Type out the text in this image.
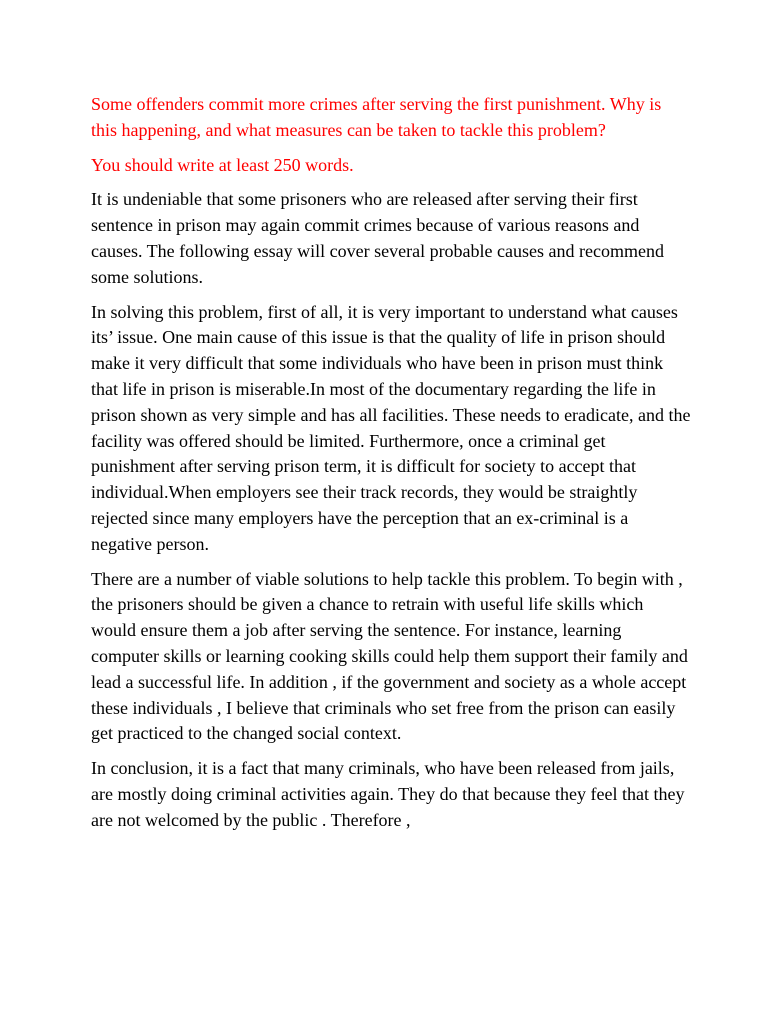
Some offenders commit more crimes after serving the first punishment. Why is this happening, and what measures can be taken to tackle this problem?

You should write at least 250 words.

It is undeniable that some prisoners who are released after serving their first sentence in prison may again commit crimes because of various reasons and causes. The following essay will cover several probable causes and recommend some solutions.

In solving this problem, first of all, it is very important to understand what causes its’ issue. One main cause of this issue is that the quality of life in prison should make it very difficult that some individuals who have been in prison must think that life in prison is miserable.In most of the documentary regarding the life in prison shown as very simple and has all facilities. These needs to eradicate, and the facility was offered should be limited. Furthermore, once a criminal get punishment after serving prison term, it is difficult for society to accept that individual.When employers see their track records, they would be straightly rejected since many employers have the perception that an ex-criminal is a negative person.

There are a number of viable solutions to help tackle this problem. To begin with , the prisoners should be given a chance to retrain with useful life skills which would ensure them a job after serving the sentence. For instance, learning computer skills or learning cooking skills could help them support their family and lead a successful life. In addition , if the government and society as a whole accept these individuals , I believe that criminals who set free from the prison can easily get practiced to the changed social context.

In conclusion, it is a fact that many criminals, who have been released from jails, are mostly doing criminal activities again. They do that because they feel that they are not welcomed by the public . Therefore ,
